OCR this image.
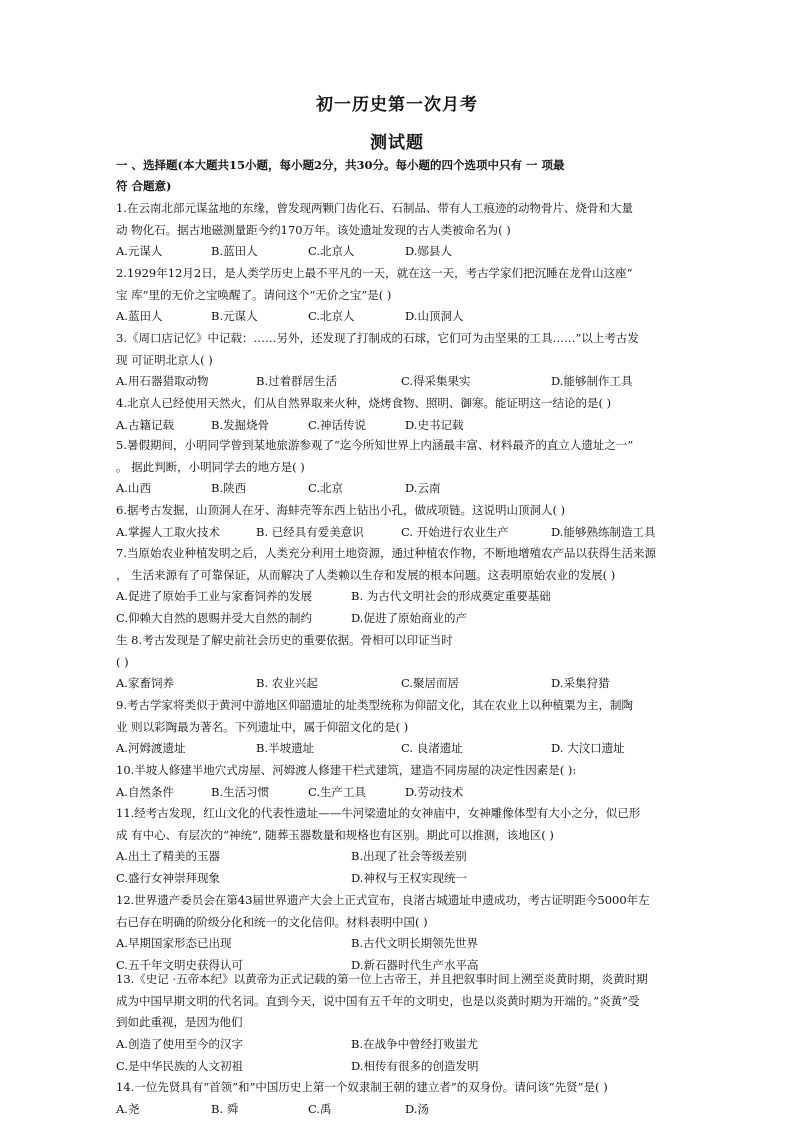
初一历史第一次月考
测试题
一 、选择题(本大题共15小题，每小题2分，共30分。每小题的四个选项中只有 一 项最
符 合题意)
1.在云南北部元谋盆地的东缘，曾发现两颗门齿化石、石制品、带有人工痕迹的动物骨片、烧骨和大量
动 物化石。据古地磁测量距今约170万年。该处遗址发现的古人类被命名为( )
A.元谋人	B.蓝田人	C.北京人	D.郧县人
2.1929年12月2日，是人类学历史上最不平凡的一天，就在这一天，考古学家们把沉睡在龙骨山这座“
宝 库”里的无价之宝唤醒了。请问这个“无价之宝”是( )
A.蓝田人	B.元谋人	C.北京人	D.山顶洞人
3.《周口店记忆》中记载：……另外，还发现了打制成的石球，它们可为击坚果的工具……”以上考古发
现 可证明北京人( )
A.用石器猎取动物	B.过着群居生活	C.得采集果实	D.能够制作工具
4.北京人已经使用天然火，们从自然界取来火种，烧烤食物、照明、御寒。能证明这一结论的是( )
A.古籍记载	B.发掘烧骨	C.神话传说	D.史书记载
5.暑假期间，小明同学曾到某地旅游参观了“迄今所知世界上内涵最丰富、材料最齐的直立人遗址之一”
。 据此判断，小明同学去的地方是( )
A.山西	B.陕西	C.北京	D.云南
6.据考古发掘，山顶洞人在牙、海蚌壳等东西上钻出小孔，做成项链。这说明山顶洞人( )
A.掌握人工取火技术	B. 已经具有爱美意识	C. 开始进行农业生产	D.能够熟练制造工具
7.当原始农业种植发明之后，人类充分利用土地资源，通过种植农作物，不断地增殖农产品以获得生活来源
， 生活来源有了可靠保证，从而解决了人类赖以生存和发展的根本问题。这表明原始农业的发展( )
A.促进了原始手工业与家畜饲养的发展	B. 为古代文明社会的形成奠定重要基础
C.仰赖大自然的恩赐并受大自然的制约	D.促进了原始商业的产
生 8.考古发现是了解史前社会历史的重要依据。骨相可以印证当时
( )
A.家畜饲养	B. 农业兴起	C.聚居而居	D.采集狩猎
9.考古学家将类似于黄河中游地区仰韶遗址的址类型统称为仰韶文化，其在农业上以种植粟为主，制陶
业 则以彩陶最为著名。下列遗址中，属于仰韶文化的是( )
A.河姆渡遗址	B.半坡遗址	C. 良渚遗址	D. 大汶口遗址
10.半坡人修建半地穴式房屋、河姆渡人修建干栏式建筑，建造不同房屋的决定性因素是( ):
A.自然条件	B.生活习惯	C.生产工具	D.劳动技术
11.经考古发现，红山文化的代表性遗址——牛河梁遗址的女神庙中，女神雕像体型有大小之分，似已形
成 有中心、有层次的“神统”, 随葬玉器数量和规格也有区别。期此可以推测，该地区( )
A.出土了精美的玉器	B.出现了社会等级差别
C.盛行女神崇拜现象	D.神权与王权实现统一
12.世界遗产委员会在第43届世界遗产大会上正式宣布，良渚古城遗址申遗成功，考古证明距今5000年左
右已存在明确的阶级分化和统一的文化信仰。材料表明中国( )
A.早期国家形态已出现	B.古代文明长期领先世界
C.五千年文明史获得认可	D.新石器时代生产水平高
13.《史记 ·五帝本纪》以黄帝为正式记载的第一位上古帝王，并且把叙事时间上溯至炎黄时期，炎黄时期
成为中国早期文明的代名词。直到今天，说中国有五千年的文明史，也是以炎黄时期为开端的。”炎黄”受
到如此重视，是因为他们
A.创造了使用至今的汉字	B.在战争中曾经打败蚩尤
C.是中华民族的人文初祖	D.相传有很多的创造发明
14.一位先贤具有“首领”和”中国历史上第一个奴隶制王朝的建立者”的双身份。请问该“先贤”是( )
A.尧	B. 舜	C.禹	D.汤
